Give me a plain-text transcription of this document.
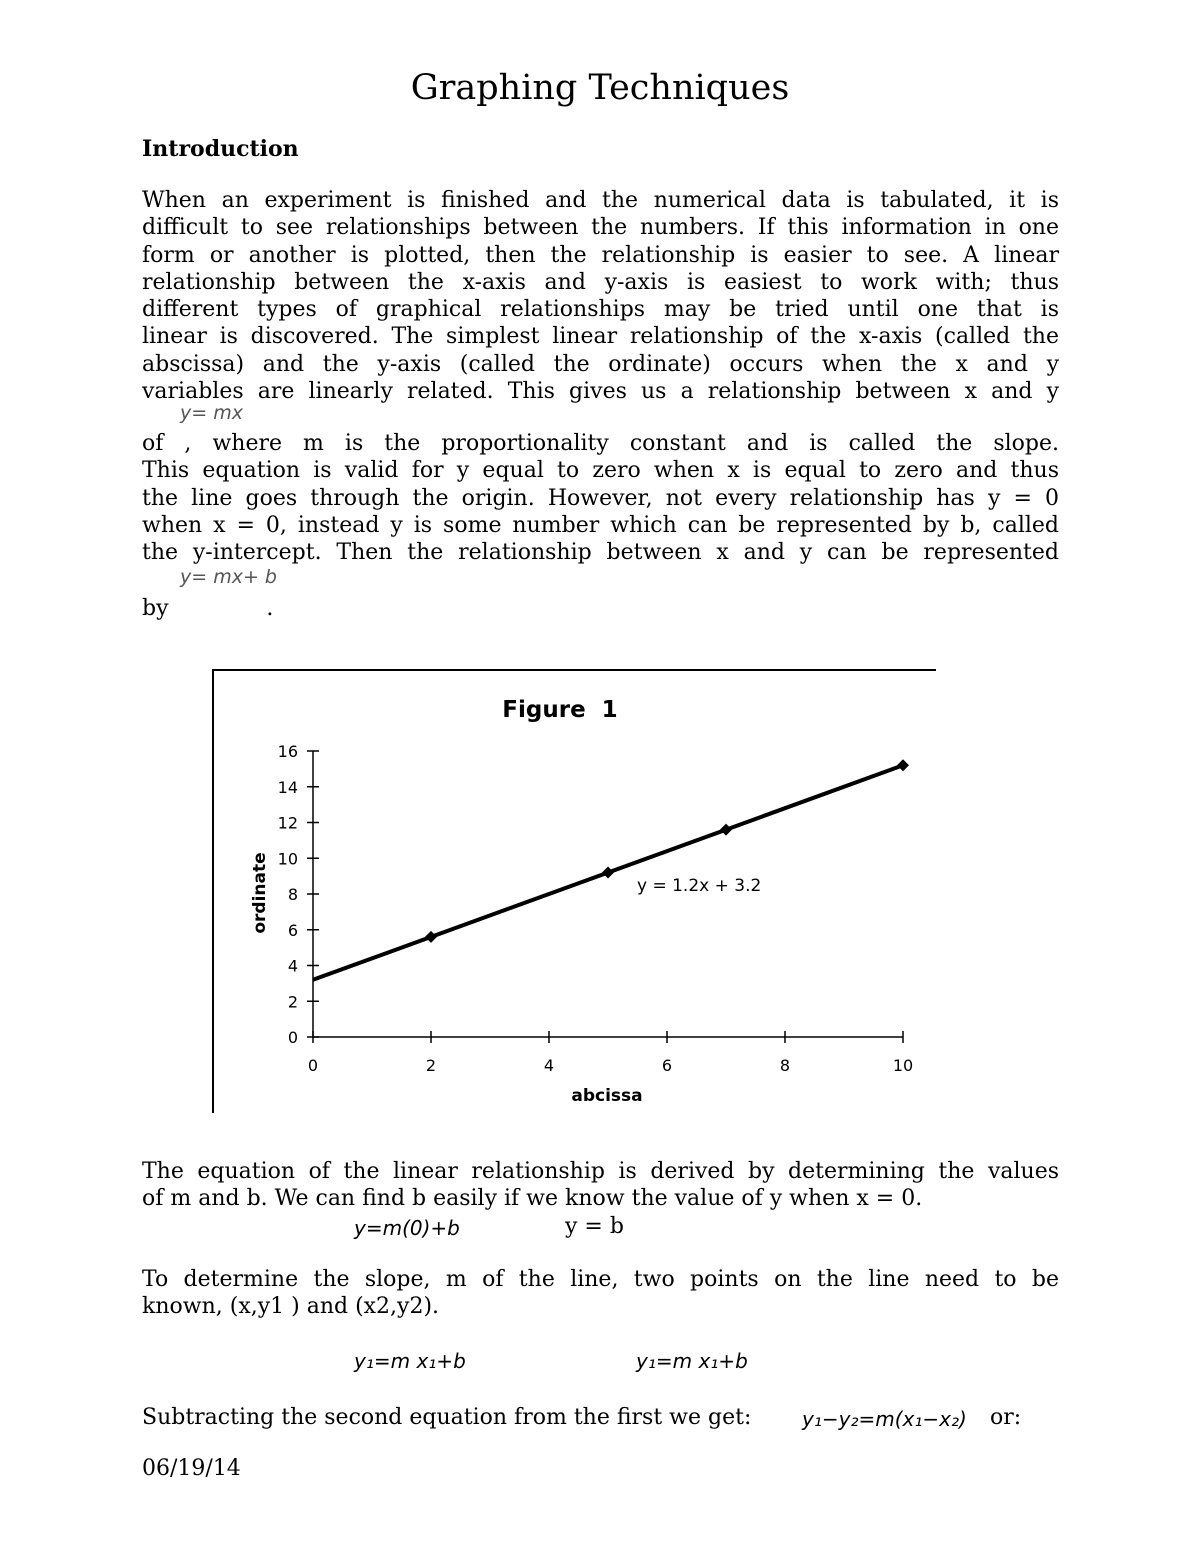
Graphing Techniques
Introduction
When an experiment is finished and the numerical data is tabulated, it is
difficult to see relationships between the numbers. If this information in one
form or another is plotted, then the relationship is easier to see. A linear
relationship between the x-axis and y-axis is easiest to work with; thus
different types of graphical relationships may be tried until one that is
linear is discovered. The simplest linear relationship of the x-axis (called the
abscissa) and the y-axis (called the ordinate) occurs when the x and y
variables are linearly related. This gives us a relationship between x and y
y= mx
of , where m is the proportionality constant and is called the slope.
This equation is valid for y equal to zero when x is equal to zero and thus
the line goes through the origin. However, not every relationship has y = 0
when x = 0, instead y is some number which can be represented by b, called
the y-intercept. Then the relationship between x and y can be represented
y= mx+ b
by              .
Figure  1
0
2
4
6
8
10
12
14
16
0	2	4	6	8	10
y = 1.2x + 3.2
abcissa
ordinate
The equation of the linear relationship is derived by determining the values
of m and b. We can find b easily if we know the value of y when x = 0.
y=m(0)+b	y = b
To determine the slope, m of the line, two points on the line need to be
known, (x,y1 ) and (x2,y2).
y₁=m x₁+b	y₁=m x₁+b
Subtracting the second equation from the first we get:	y₁−y₂=m(x₁−x₂) or:
06/19/14
